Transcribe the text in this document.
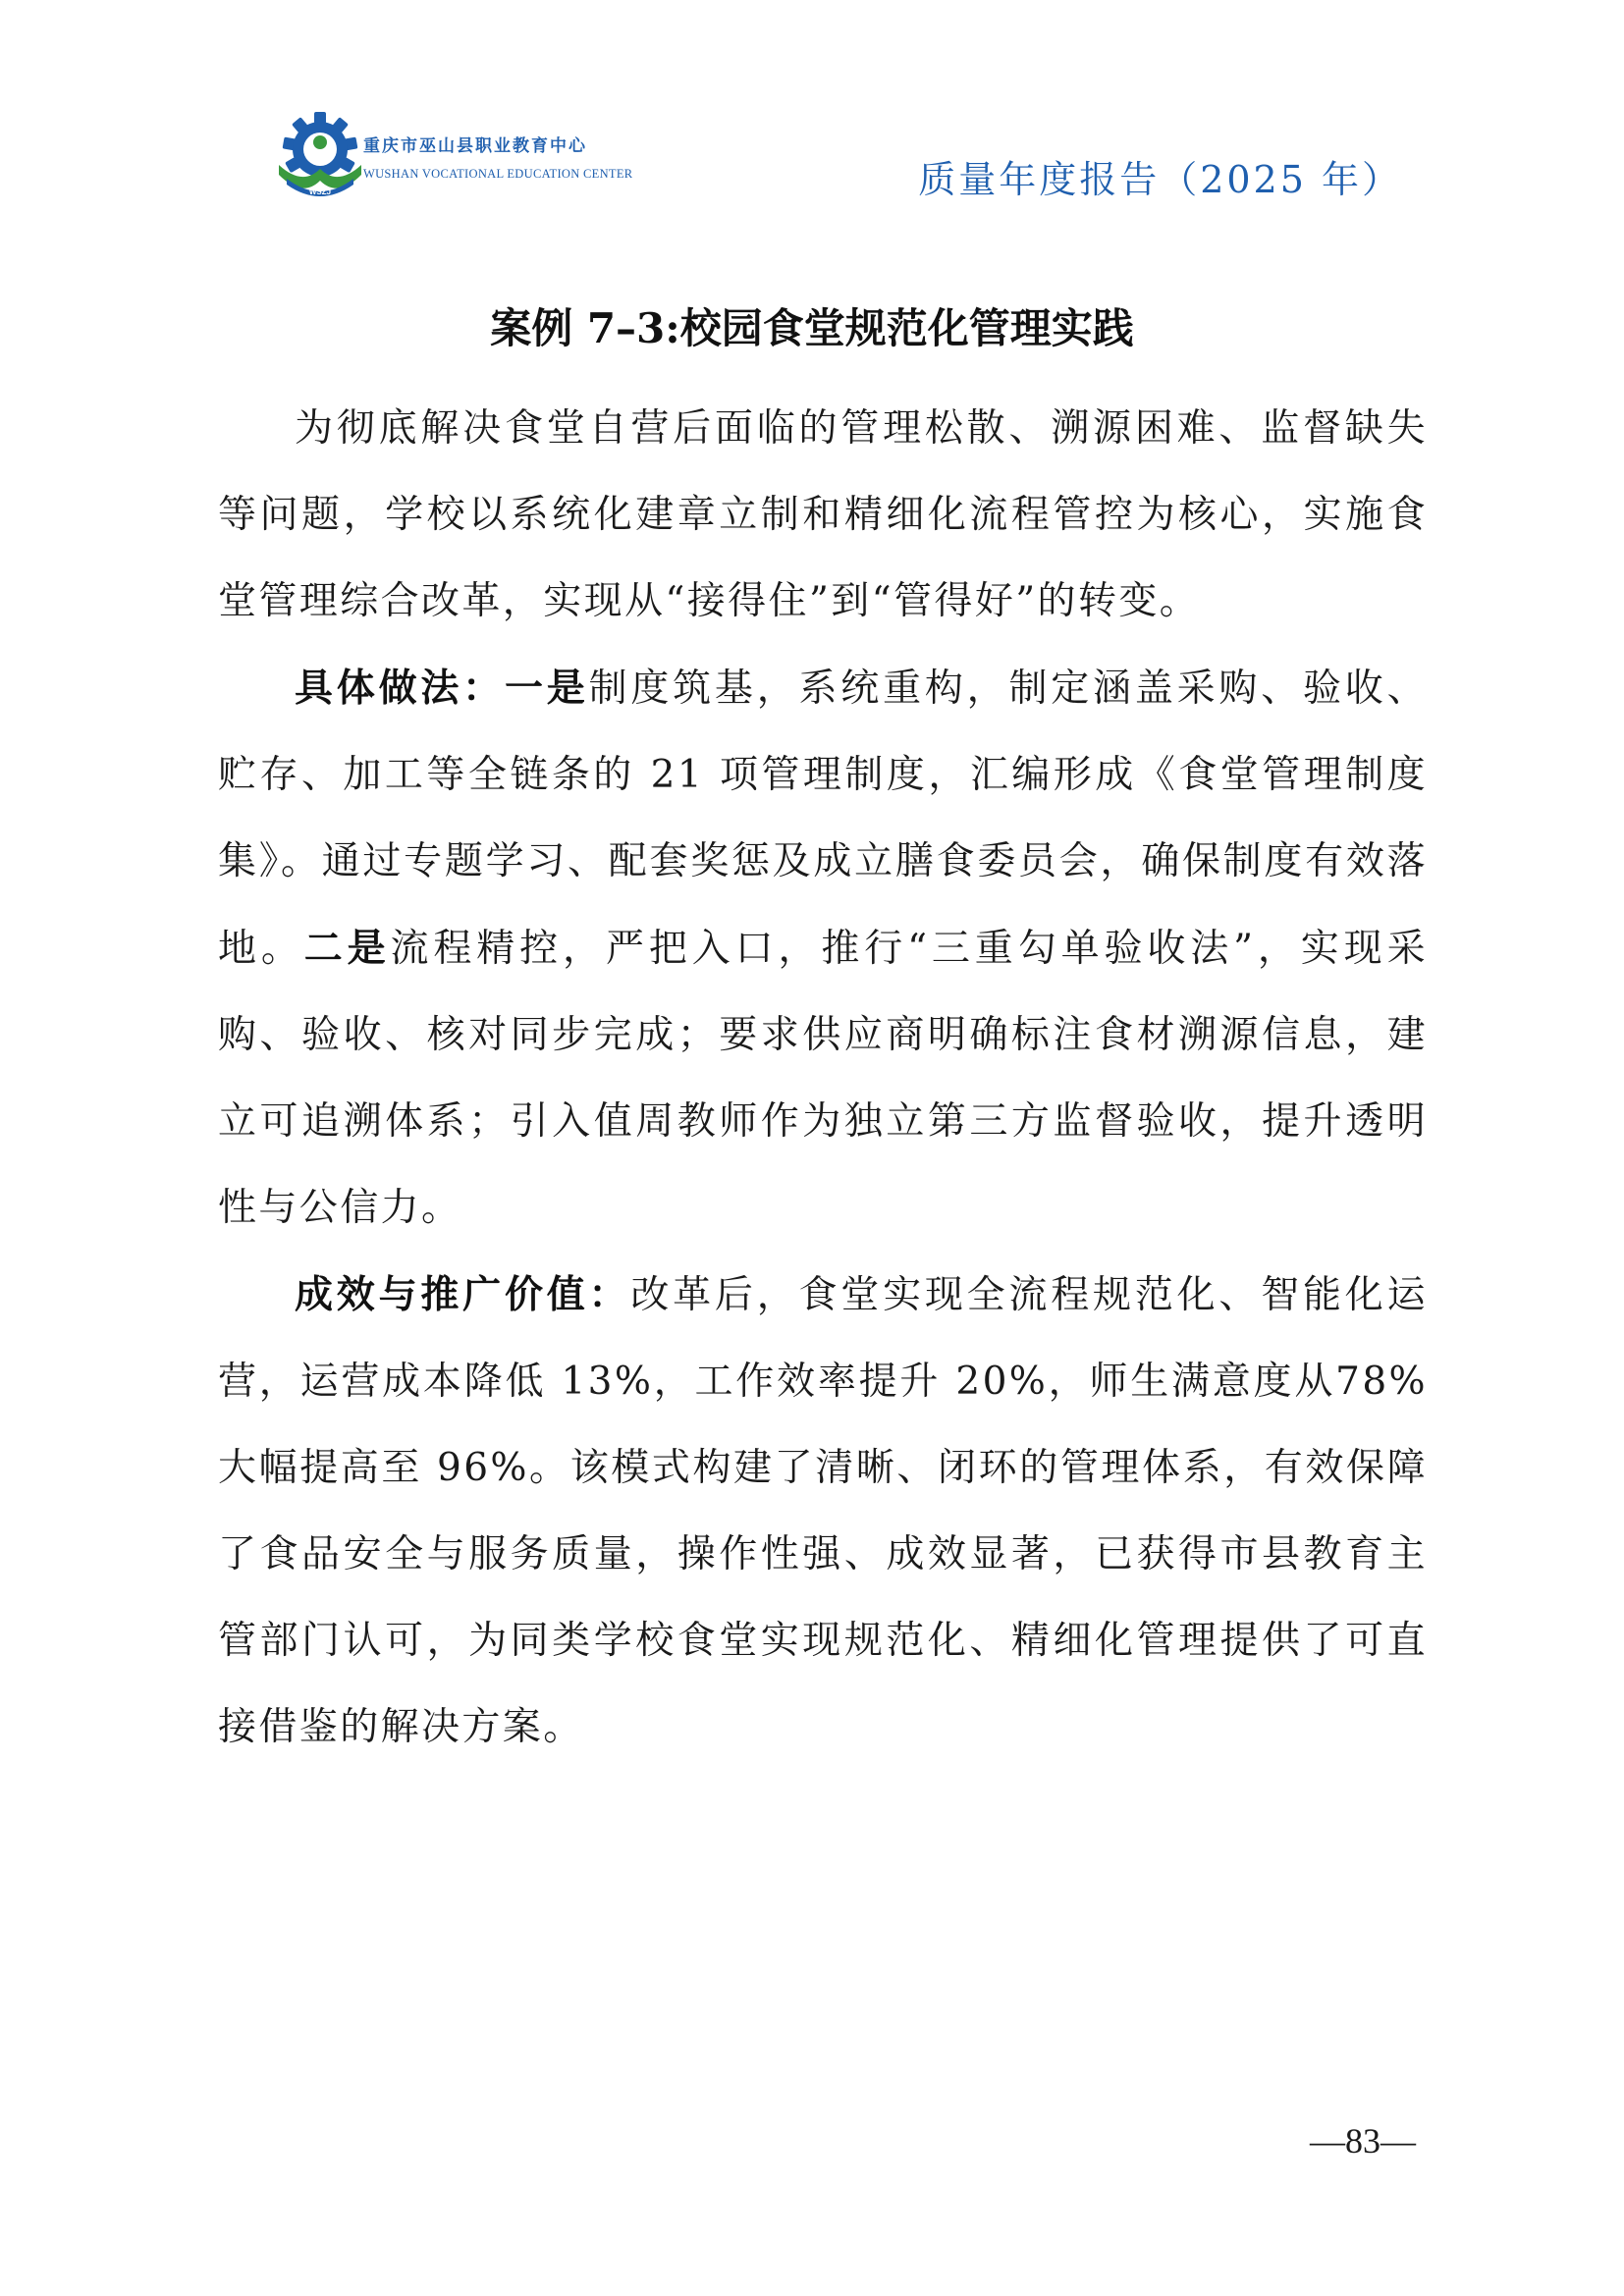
WSZJ
重庆市巫山县职业教育中心
WUSHAN VOCATIONAL EDUCATION CENTER	质量年度报告（2025 年）
案例 7–3:校园食堂规范化管理实践

为彻底解决食堂自营后面临的管理松散、溯源困难、监督缺失等问题，学校以系统化建章立制和精细化流程管控为核心，实施食堂管理综合改革，实现从“接得住”到“管得好”的转变。

具体做法：一是制度筑基，系统重构，制定涵盖采购、验收、贮存、加工等全链条的 21 项管理制度，汇编形成《食堂管理制度集》。通过专题学习、配套奖惩及成立膳食委员会，确保制度有效落地。二是流程精控，严把入口，推行“三重勾单验收法”，实现采购、验收、核对同步完成；要求供应商明确标注食材溯源信息，建立可追溯体系；引入值周教师作为独立第三方监督验收，提升透明性与公信力。

成效与推广价值：改革后，食堂实现全流程规范化、智能化运营，运营成本降低 13%，工作效率提升 20%，师生满意度从78%大幅提高至 96%。该模式构建了清晰、闭环的管理体系，有效保障了食品安全与服务质量，操作性强、成效显著，已获得市县教育主管部门认可，为同类学校食堂实现规范化、精细化管理提供了可直接借鉴的解决方案。

—83—
